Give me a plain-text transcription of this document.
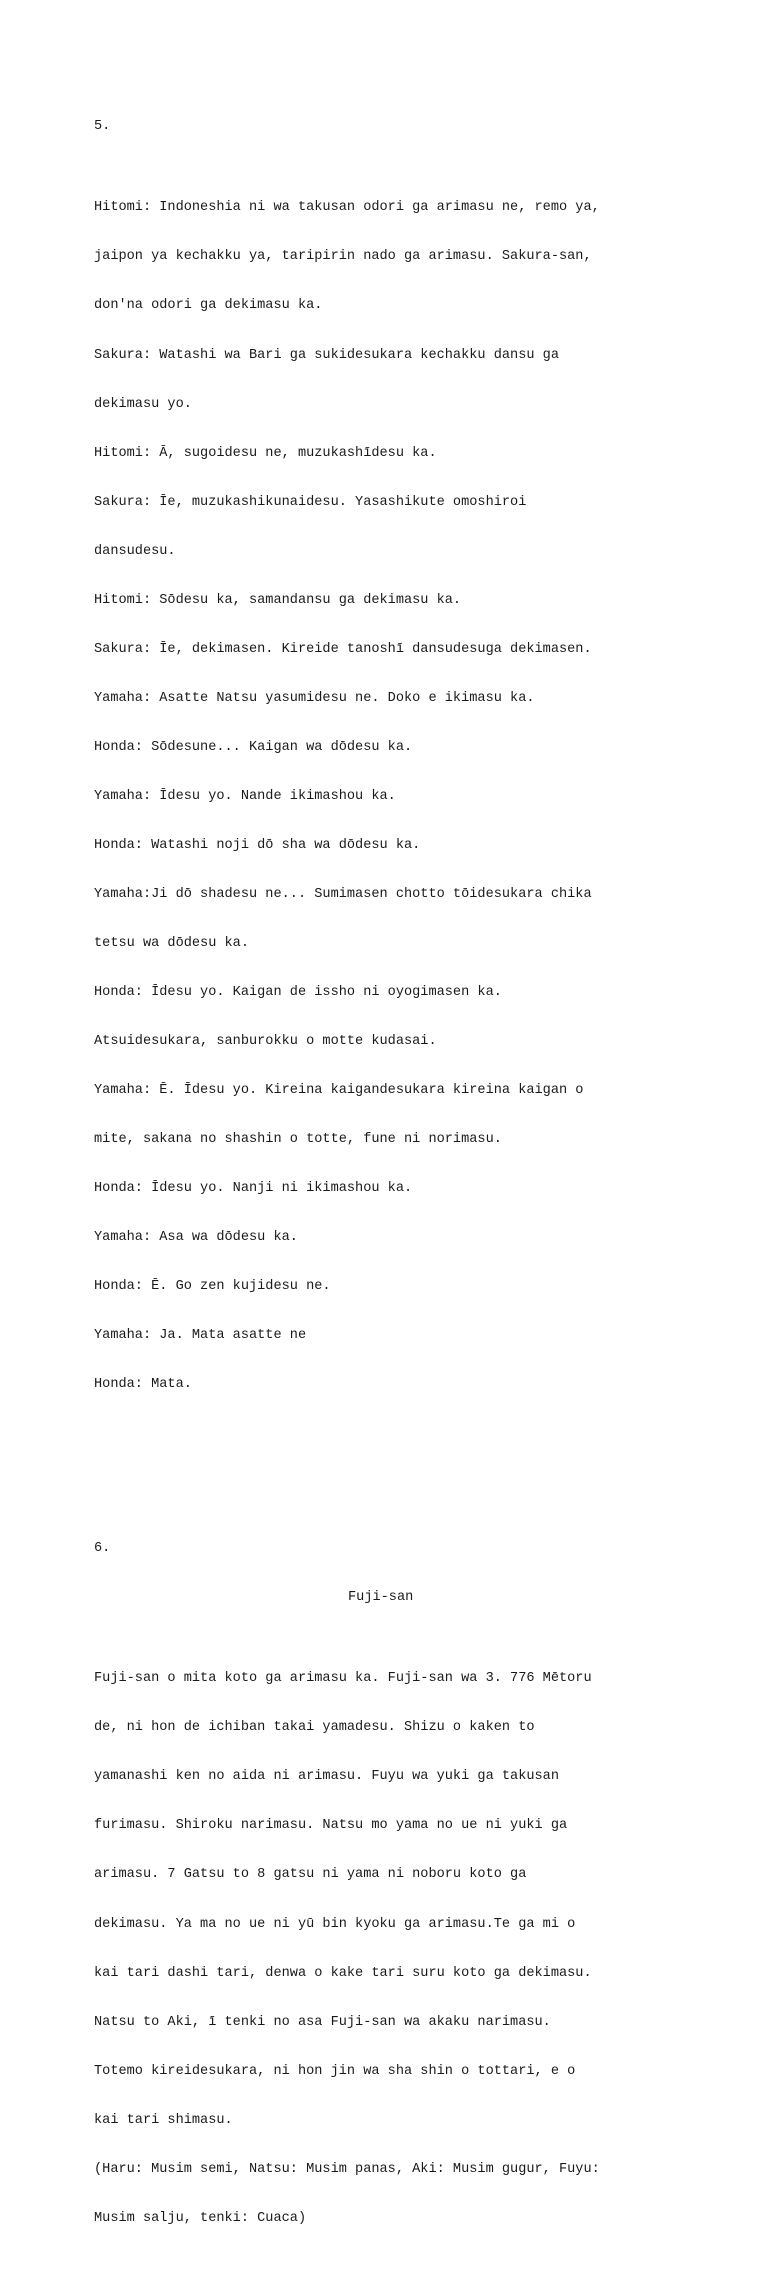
5.

Hitomi: Indoneshia ni wa takusan odori ga arimasu ne, remo ya,

jaipon ya kechakku ya, taripirin nado ga arimasu. Sakura-san,

don'na odori ga dekimasu ka.

Sakura: Watashi wa Bari ga sukidesukara kechakku dansu ga

dekimasu yo.

Hitomi: Ā, sugoidesu ne, muzukashīdesu ka.

Sakura: Īe, muzukashikunaidesu. Yasashikute omoshiroi

dansudesu.

Hitomi: Sōdesu ka, samandansu ga dekimasu ka.

Sakura: Īe, dekimasen. Kireide tanoshī dansudesuga dekimasen.

Yamaha: Asatte Natsu yasumidesu ne. Doko e ikimasu ka.

Honda: Sōdesune... Kaigan wa dōdesu ka.

Yamaha: Īdesu yo. Nande ikimashou ka.

Honda: Watashi noji dō sha wa dōdesu ka.

Yamaha:Ji dō shadesu ne... Sumimasen chotto tōidesukara chika

tetsu wa dōdesu ka.

Honda: Īdesu yo. Kaigan de issho ni oyogimasen ka.

Atsuidesukara, sanburokku o motte kudasai.

Yamaha: Ē. Īdesu yo. Kireina kaigandesukara kireina kaigan o

mite, sakana no shashin o totte, fune ni norimasu.

Honda: Īdesu yo. Nanji ni ikimashou ka.

Yamaha: Asa wa dōdesu ka.

Honda: Ē. Go zen kujidesu ne.

Yamaha: Ja. Mata asatte ne

Honda: Mata.

6.

Fuji-san

Fuji-san o mita koto ga arimasu ka. Fuji-san wa 3. 776 Mētoru

de, ni hon de ichiban takai yamadesu. Shizu o kaken to

yamanashi ken no aida ni arimasu. Fuyu wa yuki ga takusan

furimasu. Shiroku narimasu. Natsu mo yama no ue ni yuki ga

arimasu. 7 Gatsu to 8 gatsu ni yama ni noboru koto ga

dekimasu. Ya ma no ue ni yū bin kyoku ga arimasu.Te ga mi o

kai tari dashi tari, denwa o kake tari suru koto ga dekimasu.

Natsu to Aki, ī tenki no asa Fuji-san wa akaku narimasu.

Totemo kireidesukara, ni hon jin wa sha shin o tottari, e o

kai tari shimasu.

(Haru: Musim semi, Natsu: Musim panas, Aki: Musim gugur, Fuyu:

Musim salju, tenki: Cuaca)
